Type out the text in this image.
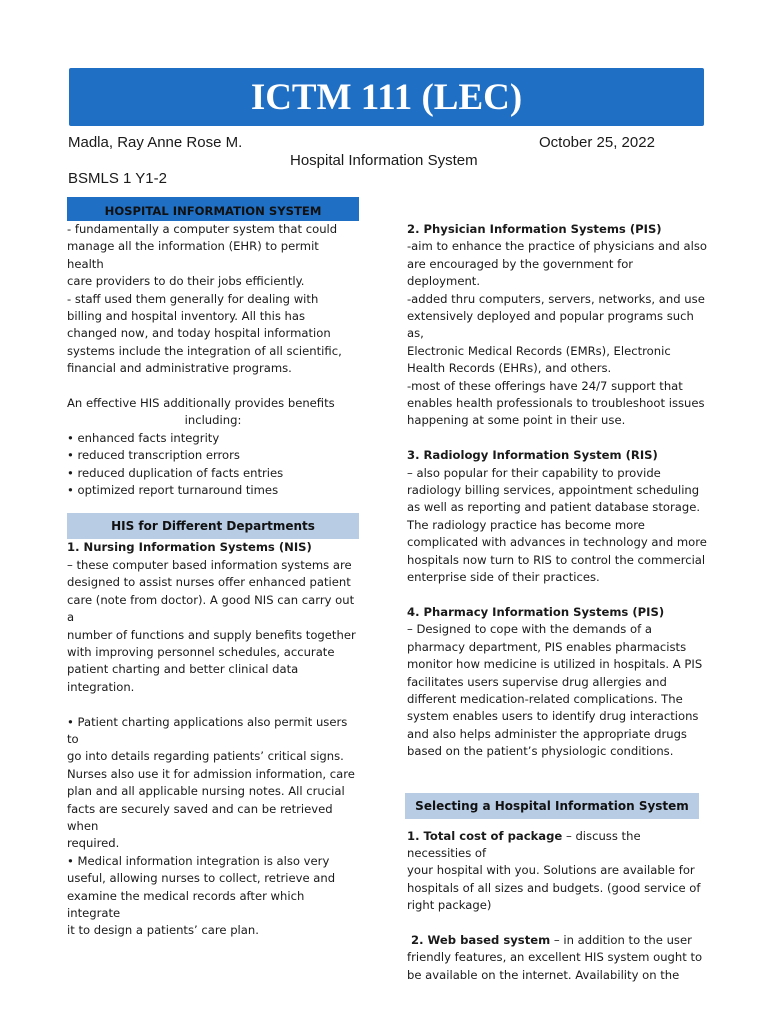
ICTM 111 (LEC)
Madla, Ray Anne Rose M.	October 25, 2022
Hospital Information System
BSMLS 1 Y1-2
HOSPITAL INFORMATION SYSTEM

- fundamentally a computer system that could

manage all the information (EHR) to permit health

care providers to do their jobs efficiently.

- staff used them generally for dealing with

billing and hospital inventory. All this has

changed now, and today hospital information

systems include the integration of all scientific,

financial and administrative programs.

An effective HIS additionally provides benefits

including:

• enhanced facts integrity

• reduced transcription errors

• reduced duplication of facts entries

• optimized report turnaround times

HIS for Different Departments

1. Nursing Information Systems (NIS)

– these computer based information systems are

designed to assist nurses offer enhanced patient

care (note from doctor). A good NIS can carry out a

number of functions and supply benefits together

with improving personnel schedules, accurate

patient charting and better clinical data integration.

• Patient charting applications also permit users to

go into details regarding patients’ critical signs.

Nurses also use it for admission information, care

plan and all applicable nursing notes. All crucial

facts are securely saved and can be retrieved when

required.

• Medical information integration is also very

useful, allowing nurses to collect, retrieve and

examine the medical records after which integrate

it to design a patients’ care plan.

2. Physician Information Systems (PIS)

-aim to enhance the practice of physicians and also

are encouraged by the government for deployment.

-added thru computers, servers, networks, and use

extensively deployed and popular programs such as,

Electronic Medical Records (EMRs), Electronic

Health Records (EHRs), and others.

-most of these offerings have 24/7 support that

enables health professionals to troubleshoot issues

happening at some point in their use.

3. Radiology Information System (RIS)

– also popular for their capability to provide

radiology billing services, appointment scheduling

as well as reporting and patient database storage.

The radiology practice has become more

complicated with advances in technology and more

hospitals now turn to RIS to control the commercial

enterprise side of their practices.

4. Pharmacy Information Systems (PIS)

– Designed to cope with the demands of a

pharmacy department, PIS enables pharmacists

monitor how medicine is utilized in hospitals. A PIS

facilitates users supervise drug allergies and

different medication-related complications. The

system enables users to identify drug interactions

and also helps administer the appropriate drugs

based on the patient’s physiologic conditions.

Selecting a Hospital Information System

1. Total cost of package – discuss the necessities of

your hospital with you. Solutions are available for

hospitals of all sizes and budgets. (good service of

right package)

2. Web based system – in addition to the user

friendly features, an excellent HIS system ought to

be available on the internet. Availability on the
